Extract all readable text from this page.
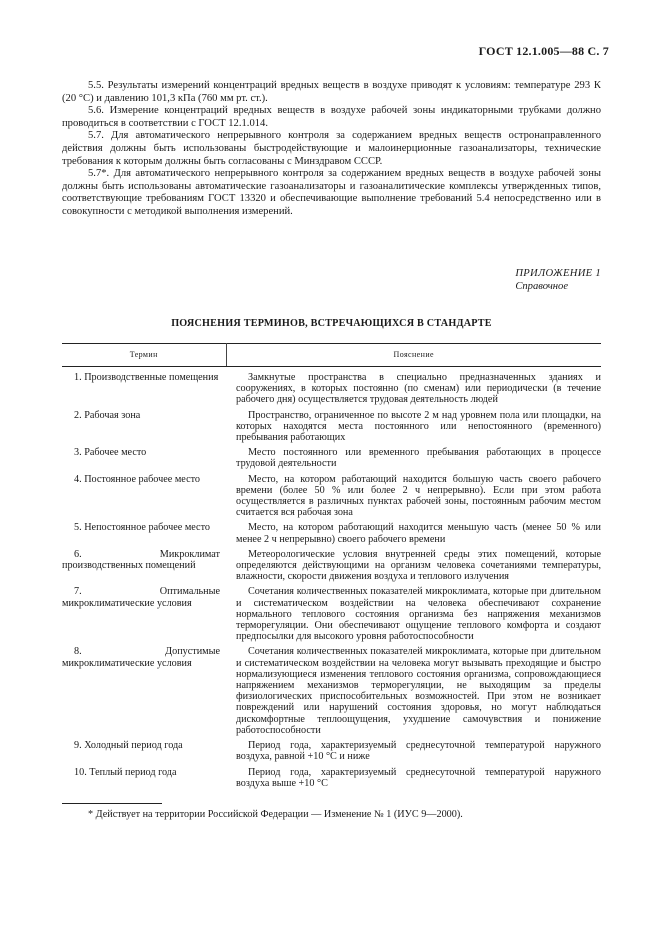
ГОСТ 12.1.005—88 С. 7

5.5. Результаты измерений концентраций вредных веществ в воздухе приводят к условиям: температуре 293 К (20 °С) и давлению 101,3 кПа (760 мм рт. ст.).

5.6. Измерение концентраций вредных веществ в воздухе рабочей зоны индикаторными трубками должно проводиться в соответствии с ГОСТ 12.1.014.

5.7. Для автоматического непрерывного контроля за содержанием вредных веществ остронаправленного действия должны быть использованы быстродействующие и малоинерционные газоанализаторы, технические требования к которым должны быть согласованы с Минздравом СССР.

5.7*. Для автоматического непрерывного контроля за содержанием вредных веществ в воздухе рабочей зоны должны быть использованы автоматические газоанализаторы и газоаналитические комплексы утвержденных типов, соответствующие требованиям ГОСТ 13320 и обеспечивающие выполнение требований 5.4 непосредственно или в совокупности с методикой выполнения измерений.

ПРИЛОЖЕНИЕ 1
Справочное
ПОЯСНЕНИЯ ТЕРМИНОВ, ВСТРЕЧАЮЩИХСЯ В СТАНДАРТЕ
Термин	Пояснение

1. Производственные помещения	Замкнутые пространства в специально предназначенных зданиях и сооружениях, в которых постоянно (по сменам) или периодически (в течение рабочего дня) осуществляется трудовая деятельность людей

2. Рабочая зона	Пространство, ограниченное по высоте 2 м над уровнем пола или площадки, на которых находятся места постоянного или непостоянного (временного) пребывания работающих

3. Рабочее место	Место постоянного или временного пребывания работающих в процессе трудовой деятельности

4. Постоянное рабочее место	Место, на котором работающий находится большую часть своего рабочего времени (более 50 % или более 2 ч непрерывно). Если при этом работа осуществляется в различных пунктах рабочей зоны, постоянным рабочим местом считается вся рабочая зона

5. Непостоянное рабочее место	Место, на котором работающий находится меньшую часть (менее 50 % или менее 2 ч непрерывно) своего рабочего времени

6. Микроклимат производственных помещений	Метеорологические условия внутренней среды этих помещений, которые определяются действующими на организм человека сочетаниями температуры, влажности, скорости движения воздуха и теплового излучения

7. Оптимальные микроклиматические условия	Сочетания количественных показателей микроклимата, которые при длительном и систематическом воздействии на человека обеспечивают сохранение нормального теплового состояния организма без напряжения механизмов терморегуляции. Они обеспечивают ощущение теплового комфорта и создают предпосылки для высокого уровня работоспособности

8. Допустимые микроклиматические условия	Сочетания количественных показателей микроклимата, которые при длительном и систематическом воздействии на человека могут вызывать преходящие и быстро нормализующиеся изменения теплового состояния организма, сопровождающиеся напряжением механизмов терморегуляции, не выходящим за пределы физиологических приспособительных возможностей. При этом не возникает повреждений или нарушений состояния здоровья, но могут наблюдаться дискомфортные теплоощущения, ухудшение самочувствия и понижение работоспособности

9. Холодный период года	Период года, характеризуемый среднесуточной температурой наружного воздуха, равной +10 °С и ниже

10. Теплый период года	Период года, характеризуемый среднесуточной температурой наружного воздуха выше +10 °С
* Действует на территории Российской Федерации — Изменение № 1 (ИУС 9—2000).
